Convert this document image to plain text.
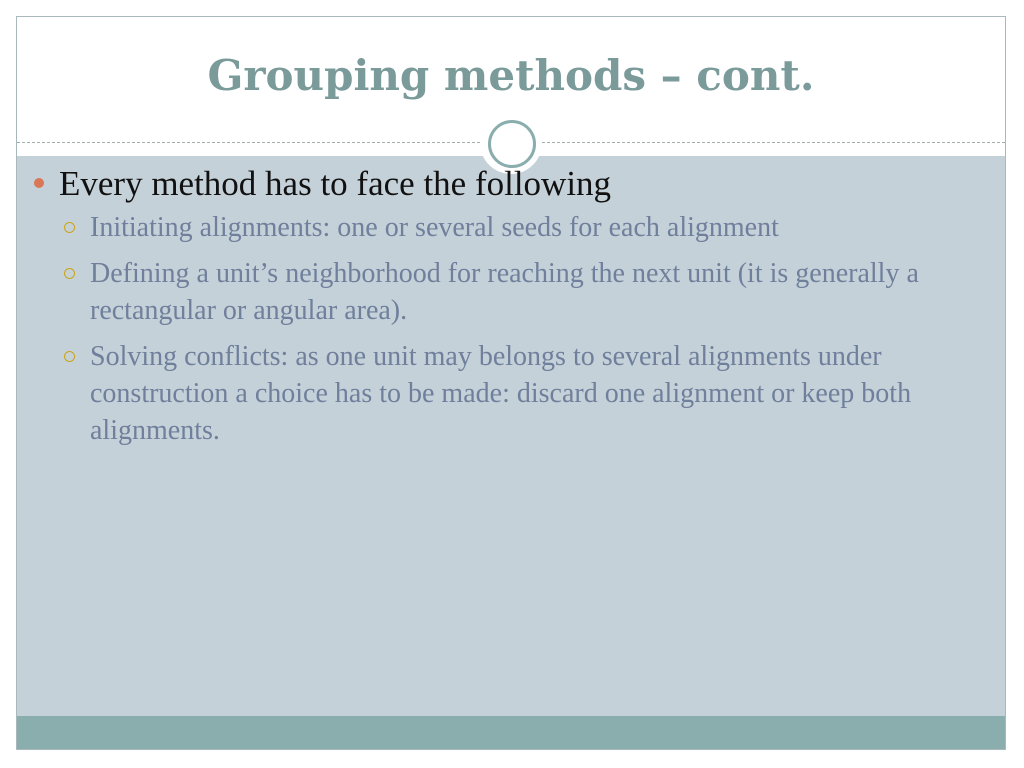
Grouping methods – cont.
Every method has to face the following
Initiating alignments: one or several seeds for each alignment
Defining a unit’s neighborhood for reaching the next unit (it is generally a rectangular or angular area).
Solving conflicts: as one unit may belongs to several alignments under construction a choice has to be made: discard one alignment or keep both alignments.
